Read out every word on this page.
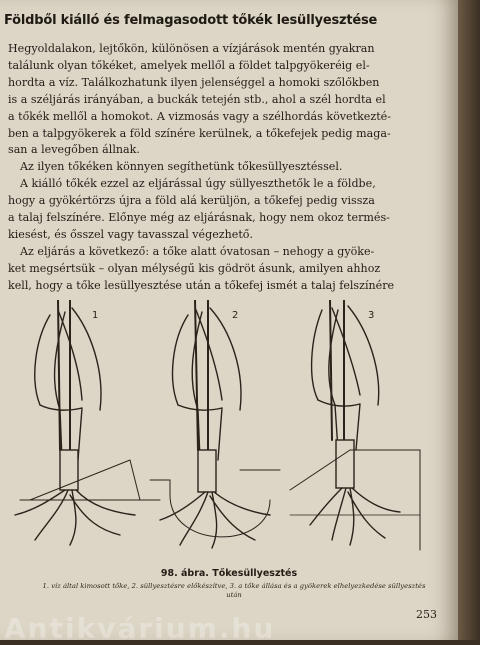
Földből kiálló és felmagasodott tőkék lesüllyesztése
Hegyoldalakon, lejtőkön, különösen a vízjárások mentén gyakran
találunk olyan tőkéket, amelyek mellől a földet talpgyökeréig el-
hordta a víz. Találkozhatunk ilyen jelenséggel a homoki szőlőkben
is a széljárás irányában, a buckák tetején stb., ahol a szél hordta el
a tőkék mellől a homokot. A vizmosás vagy a szélhordás következté-
ben a talpgyökerek a föld színére kerülnek, a tőkefejek pedig maga-
san a levegőben állnak.
Az ilyen tőkéken könnyen segíthetünk tőkesüllyesztéssel.
A kiálló tőkék ezzel az eljárással úgy süllyeszthetők le a földbe,
hogy a gyökértörzs újra a föld alá kerüljön, a tőkefej pedig vissza
a talaj felszínére. Előnye még az eljárásnak, hogy nem okoz termés-
kiesést, és ősszel vagy tavasszal végezhető.
Az eljárás a következő: a tőke alatt óvatosan – nehogy a gyöke-
ket megsértsük – olyan mélységű kis gödröt ásunk, amilyen ahhoz
kell, hogy a tőke lesüllyesztése után a tőkefej ismét a talaj felszínére
1	2	3
98. ábra. Tőkesüllyesztés
1. víz által kimosott tőke, 2. süllyesztésre előkészítve, 3. a tőke állása és a gyökerek elhelyezkedése süllyesztés
után
253
Antikvárium.hu
